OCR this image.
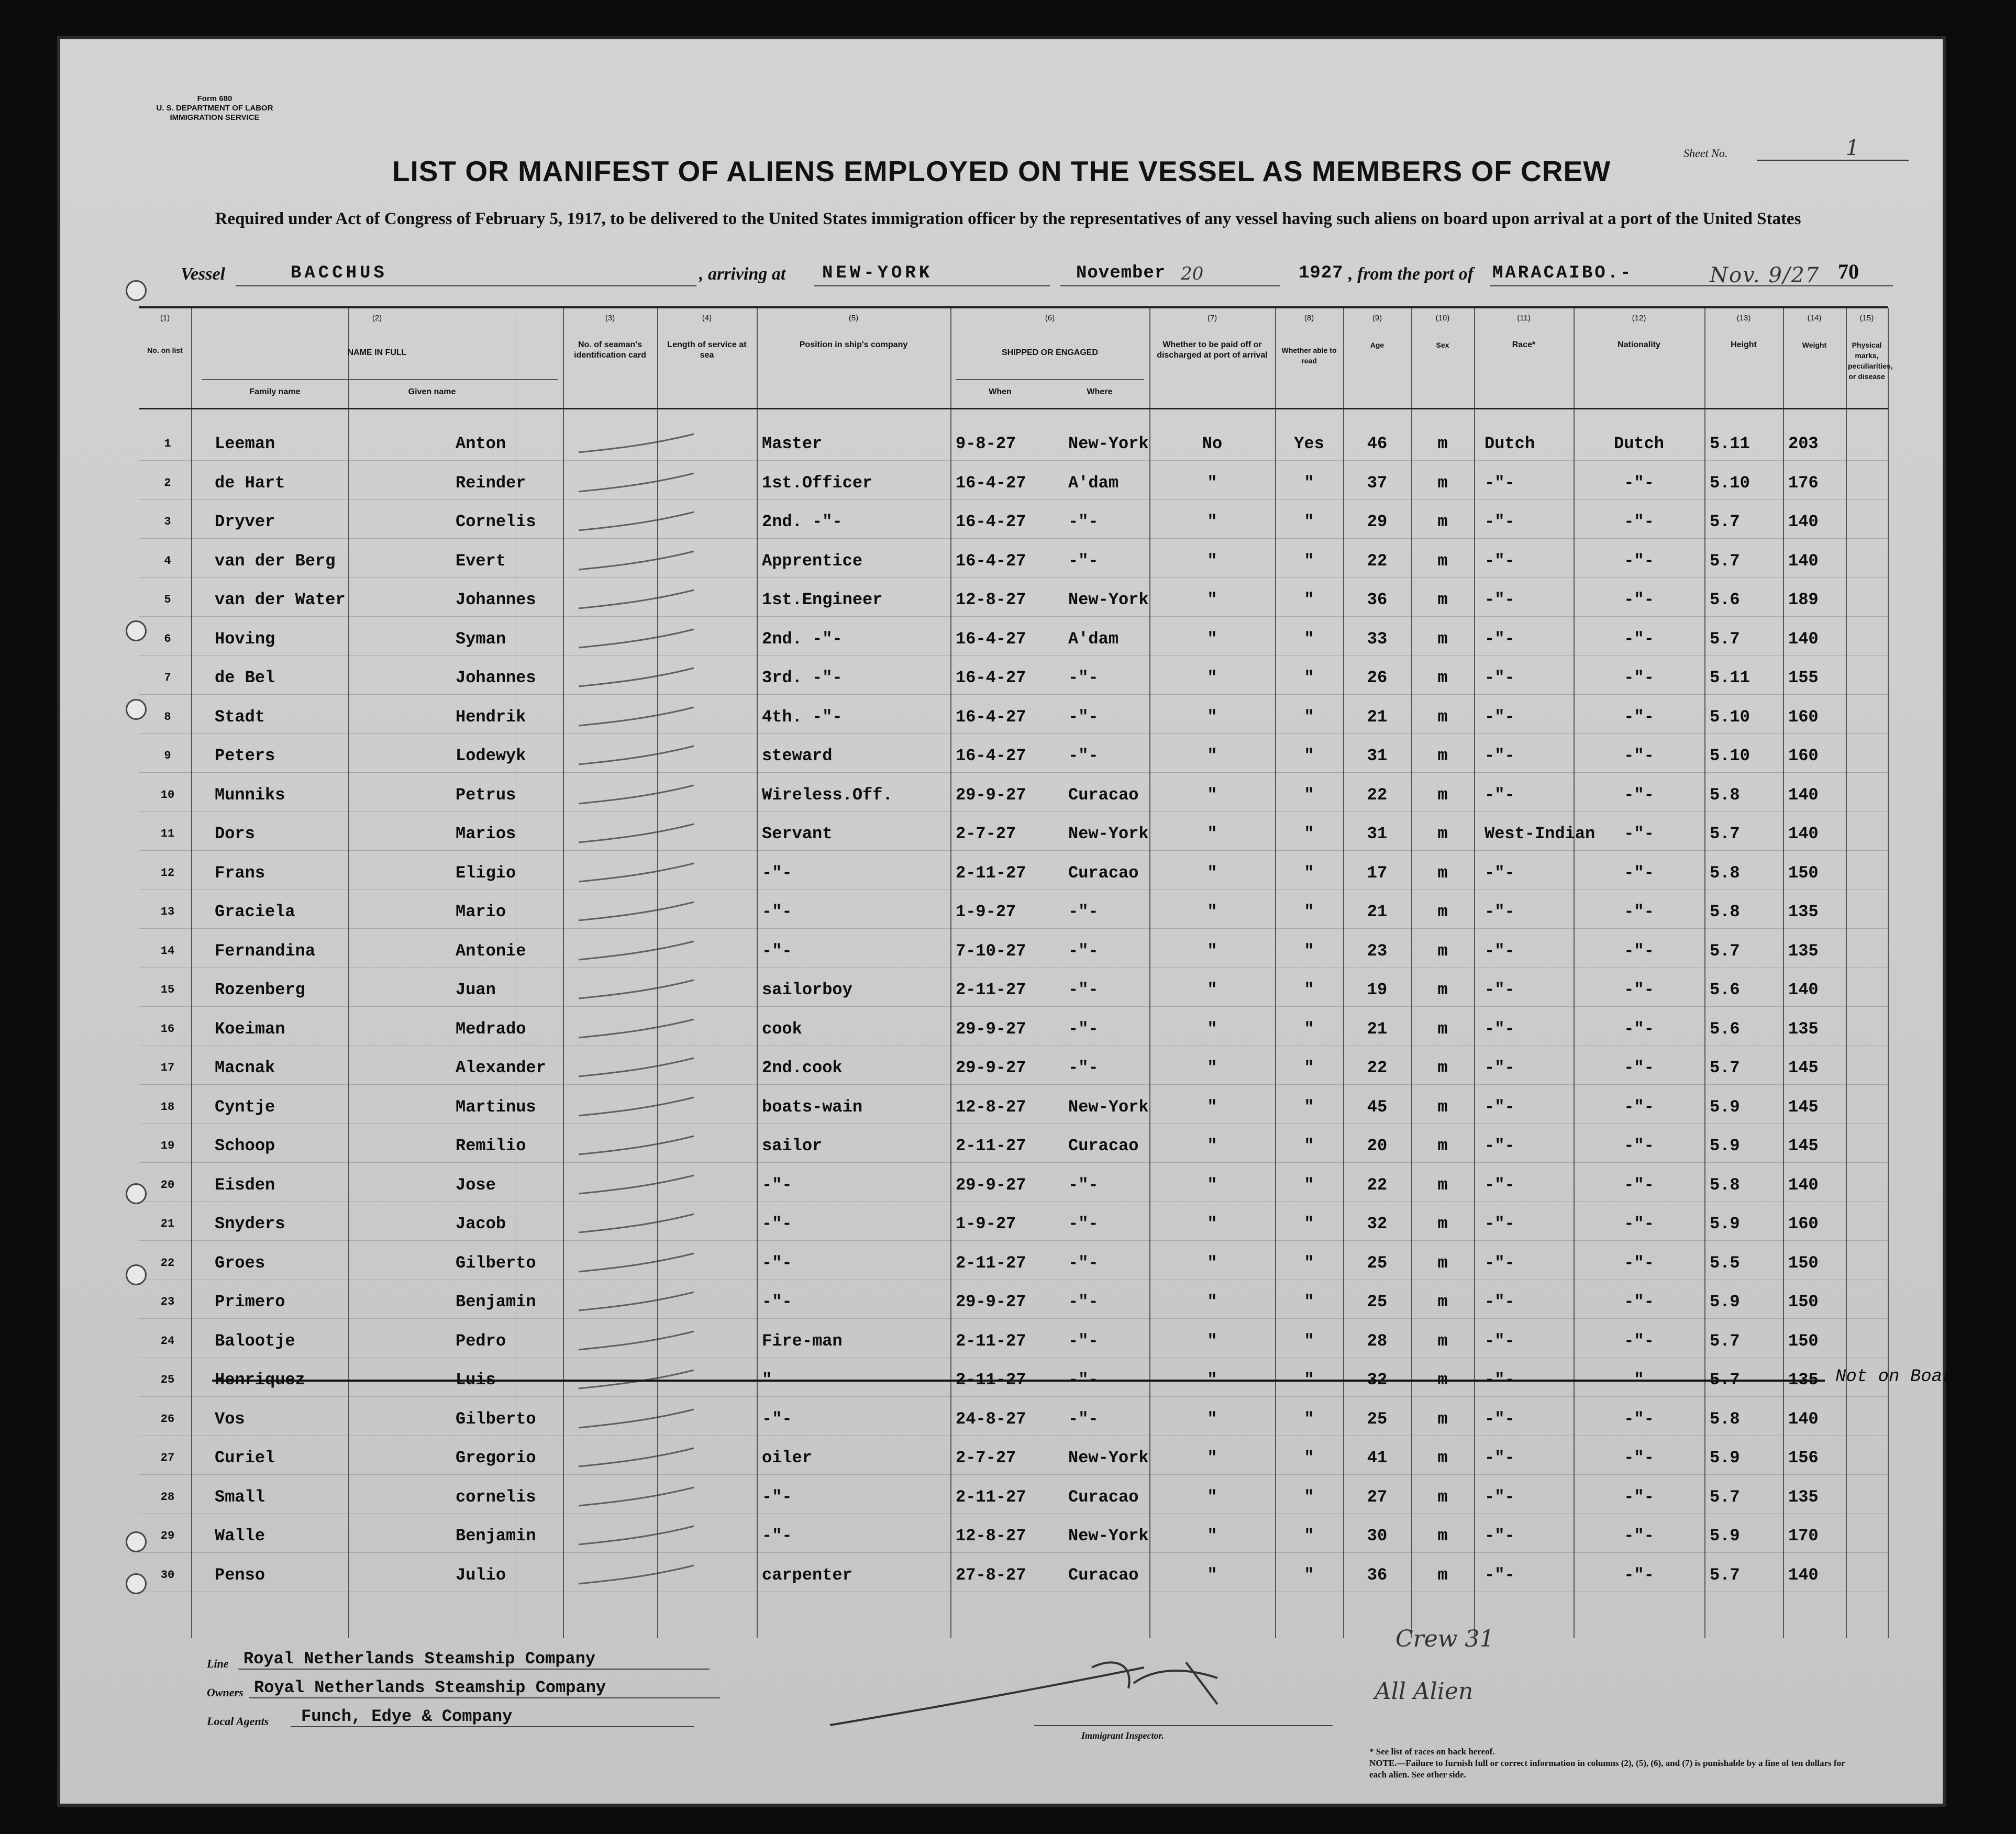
Form 680
U. S. DEPARTMENT OF LABOR
IMMIGRATION SERVICE
Sheet No.	1
LIST OR MANIFEST OF ALIENS EMPLOYED ON THE VESSEL AS MEMBERS OF CREW
Required under Act of Congress of February 5, 1917, to be delivered to the United States immigration officer by the representatives of any vessel having such aliens on board upon arrival at a port of the United States
70
Vessel	BACCHUS	, arriving at NEW-YORK	November 20	1927 , from the port of MARACAIBO.-	Nov. 9/27
(1)
No. on list
(2)
NAME IN FULL
Family name	Given name
(3)
No. of seaman's identification card
(4)
Length of service at sea
(5)
Position in ship's company
(6)
SHIPPED OR ENGAGED
When	Where
(7)
Whether to be paid off or discharged at port of arrival
(8)
Whether able to read
(9)
Age
(10)
Sex
(11)
Race*
(12)
Nationality
(13)
Height
(14)
Weight
(15)
Physical marks, peculiarities, or disease
1	Leeman	Anton	Master	9-8-27	New-York	No	Yes	46	m	Dutch	Dutch	5.11 203
2	de Hart	Reinder	1st.Officer	16-4-27	A'dam	"	"	37	m	-"-	-"-	5.10 176
3	Dryver	Cornelis	2nd. -"-	16-4-27	-"-	"	"	29	m	-"-	-"-	5.7	140
4	van der Berg	Evert	Apprentice	16-4-27	-"-	"	"	22	m	-"-	-"-	5.7	140
5	van der Water	Johannes	1st.Engineer	12-8-27	New-York	"	"	36	m	-"-	-"-	5.6	189
6	Hoving	Syman	2nd. -"-	16-4-27	A'dam	"	"	33	m	-"-	-"-	5.7	140
7	de Bel	Johannes	3rd. -"-	16-4-27	-"-	"	"	26	m	-"-	-"-	5.11 155
8	Stadt	Hendrik	4th. -"-	16-4-27	-"-	"	"	21	m	-"-	-"-	5.10 160
9	Peters	Lodewyk	steward	16-4-27	-"-	"	"	31	m	-"-	-"-	5.10 160
10	Munniks	Petrus	Wireless.Off.	29-9-27	Curacao	"	"	22	m	-"-	-"-	5.8	140
11	Dors	Marios	Servant	2-7-27	New-York	"	"	31	m	West-Indian	-"-	5.7	140
12	Frans	Eligio	-"-	2-11-27	Curacao	"	"	17	m	-"-	-"-	5.8	150
13	Graciela	Mario	-"-	1-9-27	-"-	"	"	21	m	-"-	-"-	5.8	135
14	Fernandina	Antonie	-"-	7-10-27	-"-	"	"	23	m	-"-	-"-	5.7	135
15	Rozenberg	Juan	sailorboy	2-11-27	-"-	"	"	19	m	-"-	-"-	5.6	140
16	Koeiman	Medrado	cook	29-9-27	-"-	"	"	21	m	-"-	-"-	5.6	135
17	Macnak	Alexander	2nd.cook	29-9-27	-"-	"	"	22	m	-"-	-"-	5.7	145
18	Cyntje	Martinus	boats-wain	12-8-27	New-York	"	"	45	m	-"-	-"-	5.9	145
19	Schoop	Remilio	sailor	2-11-27	Curacao	"	"	20	m	-"-	-"-	5.9	145
20	Eisden	Jose	-"-	29-9-27	-"-	"	"	22	m	-"-	-"-	5.8	140
21	Snyders	Jacob	-"-	1-9-27	-"-	"	"	32	m	-"-	-"-	5.9	160
22	Groes	Gilberto	-"-	2-11-27	-"-	"	"	25	m	-"-	-"-	5.5	150
23	Primero	Benjamin	-"-	29-9-27	-"-	"	"	25	m	-"-	-"-	5.9	150
24	Balootje	Pedro	Fire-man	2-11-27	-"-	"	"	28	m	-"-	-"-	5.7	150
25	Henriquez	Luis	"	2-11-27	-"-	"	"	32	m	-"-	"	5.7	135 Not on Board
26	Vos	Gilberto	-"-	24-8-27	-"-	"	"	25	m	-"-	-"-	5.8	140
27	Curiel	Gregorio	oiler	2-7-27	New-York	"	"	41	m	-"-	-"-	5.9	156
28	Small	cornelis	-"-	2-11-27	Curacao	"	"	27	m	-"-	-"-	5.7	135
29	Walle	Benjamin	-"-	12-8-27	New-York	"	"	30	m	-"-	-"-	5.9	170
30	Penso	Julio	carpenter	27-8-27	Curacao	"	"	36	m	-"-	-"-	5.7	140
Line Royal Netherlands Steamship Company
Owners Royal Netherlands Steamship Company
Local Agents Funch, Edye & Company
Immigrant Inspector.
All Alien
Crew 31
* See list of races on back hereof.
NOTE.—Failure to furnish full or correct information in columns (2), (5), (6), and (7) is punishable by a fine of ten dollars for each alien. See other side.
